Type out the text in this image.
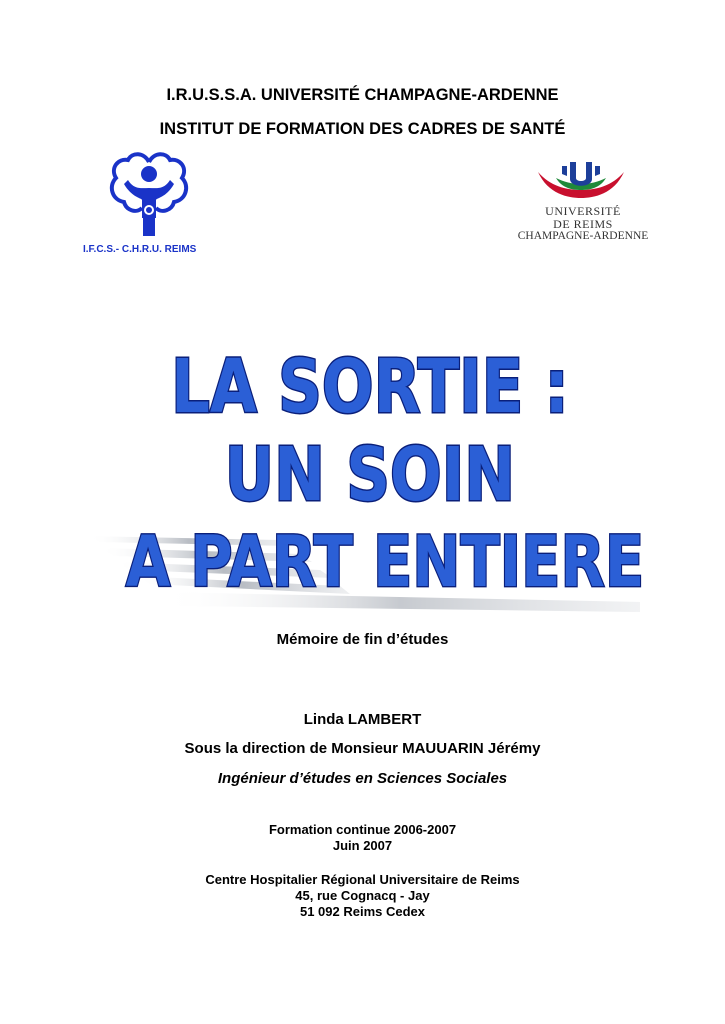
I.R.U.S.S.A. UNIVERSITÉ CHAMPAGNE-ARDENNE
INSTITUT DE FORMATION DES CADRES DE SANTÉ
I.F.C.S.- C.H.R.U. REIMS
UNIVERSITÉ
DE REIMS
CHAMPAGNE-ARDENNE
LA SORTIE :
UN SOIN
A PART ENTIERE
Mémoire de fin d’études
Linda LAMBERT
Sous la direction de Monsieur MAUUARIN Jérémy
Ingénieur d’études en Sciences Sociales
Formation continue 2006-2007
Juin 2007
Centre Hospitalier Régional Universitaire de Reims
45, rue Cognacq - Jay
51 092 Reims Cedex
